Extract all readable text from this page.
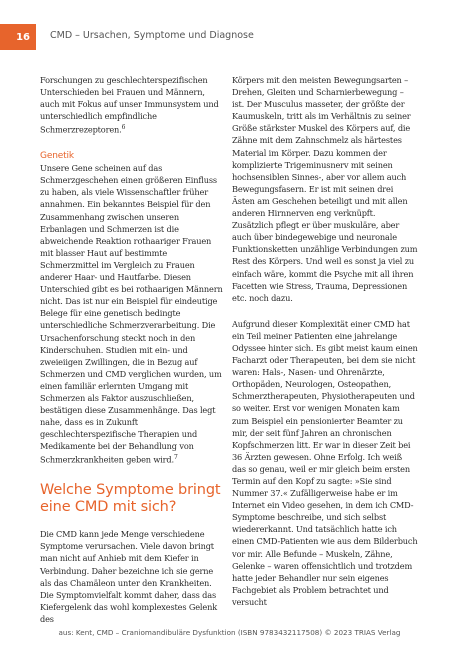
16 CMD – Ursachen, Symptome und Diagnose

Forschungen zu geschlechterspezifischen Unterschieden bei Frauen und Männern, auch mit Fokus auf unser Immunsystem und unterschiedlich empfindliche Schmerzrezeptoren.$^6$

Genetik

Unsere Gene scheinen auf das Schmerzgeschehen einen größeren Einfluss zu haben, als viele Wissenschaftler früher annahmen. Ein bekanntes Beispiel für den Zusammenhang zwischen unseren Erbanlagen und Schmerzen ist die abweichende Reaktion rothaariger Frauen mit blasser Haut auf bestimmte Schmerzmittel im Vergleich zu Frauen anderer Haar- und Hautfarbe. Diesen Unterschied gibt es bei rothaarigen Männern nicht. Das ist nur ein Beispiel für eindeutige Belege für eine genetisch bedingte unterschiedliche Schmerzverarbeitung. Die Ursachenforschung steckt noch in den Kinderschuhen. Studien mit ein- und zweieiigen Zwillingen, die in Bezug auf Schmerzen und CMD verglichen wurden, um einen familiär erlernten Umgang mit Schmerzen als Faktor auszuschließen, bestätigen diese Zusammenhänge. Das legt nahe, dass es in Zukunft geschlechterspezifische Therapien und Medikamente bei der Behandlung von Schmerzkrankheiten geben wird.$^7$

Welche Symptome bringt eine CMD mit sich?

Die CMD kann jede Menge verschiedene Symptome verursachen. Viele davon bringt man nicht auf Anhieb mit dem Kiefer in Verbindung. Daher bezeichne ich sie gerne als das Chamäleon unter den Krankheiten. Die Symptomvielfalt kommt daher, dass das Kiefergelenk das wohl komplexestes Gelenk des

Körpers mit den meisten Bewegungsarten – Drehen, Gleiten und Scharnierbewegung – ist. Der Musculus masseter, der größte der Kaumuskeln, tritt als im Verhältnis zu seiner Größe stärkster Muskel des Körpers auf, die Zähne mit dem Zahnschmelz als härtestes Material im Körper. Dazu kommen der komplizierte Trigeminusnerv mit seinen hochsensiblen Sinnes-, aber vor allem auch Bewegungsfasern. Er ist mit seinen drei Ästen am Geschehen beteiligt und mit allen anderen Hirnnerven eng verknüpft. Zusätzlich pflegt er über muskuläre, aber auch über bindegewebige und neuronale Funktionsketten unzählige Verbindungen zum Rest des Körpers. Und weil es sonst ja viel zu einfach wäre, kommt die Psyche mit all ihren Facetten wie Stress, Trauma, Depressionen etc. noch dazu.

Aufgrund dieser Komplexität einer CMD hat ein Teil meiner Patienten eine jahrelange Odyssee hinter sich. Es gibt meist kaum einen Facharzt oder Therapeuten, bei dem sie nicht waren: Hals-, Nasen- und Ohrenärzte, Orthopäden, Neurologen, Osteopathen, Schmerztherapeuten, Physiotherapeuten und so weiter. Erst vor wenigen Monaten kam zum Beispiel ein pensionierter Beamter zu mir, der seit fünf Jahren an chronischen Kopfschmerzen litt. Er war in dieser Zeit bei 36 Ärzten gewesen. Ohne Erfolg. Ich weiß das so genau, weil er mir gleich beim ersten Termin auf den Kopf zu sagte: »Sie sind Nummer 37.« Zufälligerweise habe er im Internet ein Video gesehen, in dem ich CMD-Symptome beschreibe, und sich selbst wiedererkannt. Und tatsächlich hatte ich einen CMD-Patienten wie aus dem Bilderbuch vor mir. Alle Befunde – Muskeln, Zähne, Gelenke – waren offensichtlich und trotzdem hatte jeder Behandler nur sein eigenes Fachgebiet als Problem betrachtet und versucht

aus: Kent, CMD – Craniomandibuläre Dysfunktion (ISBN 9783432117508) © 2023 TRIAS Verlag
